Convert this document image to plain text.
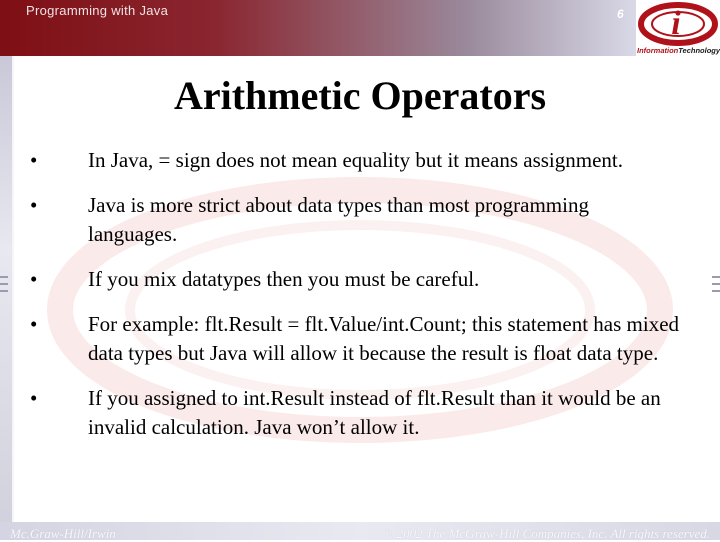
Programming with Java	6 i
InformationTechnology
Arithmetic Operators
•	In Java, = sign does not mean equality but it means assignment.
•	Java is more strict about data types than most programming languages.
•	If you mix datatypes then you must be careful.
•	For example: flt.Result = flt.Value/int.Count; this statement has mixed data types but Java will allow it because the result is float data type.
•	If you assigned to int.Result instead of flt.Result than it would be an invalid calculation. Java won’t allow it.
Mc.Graw-Hill/Irwin	© 2002 The McGraw-Hill Companies, Inc. All rights reserved.
